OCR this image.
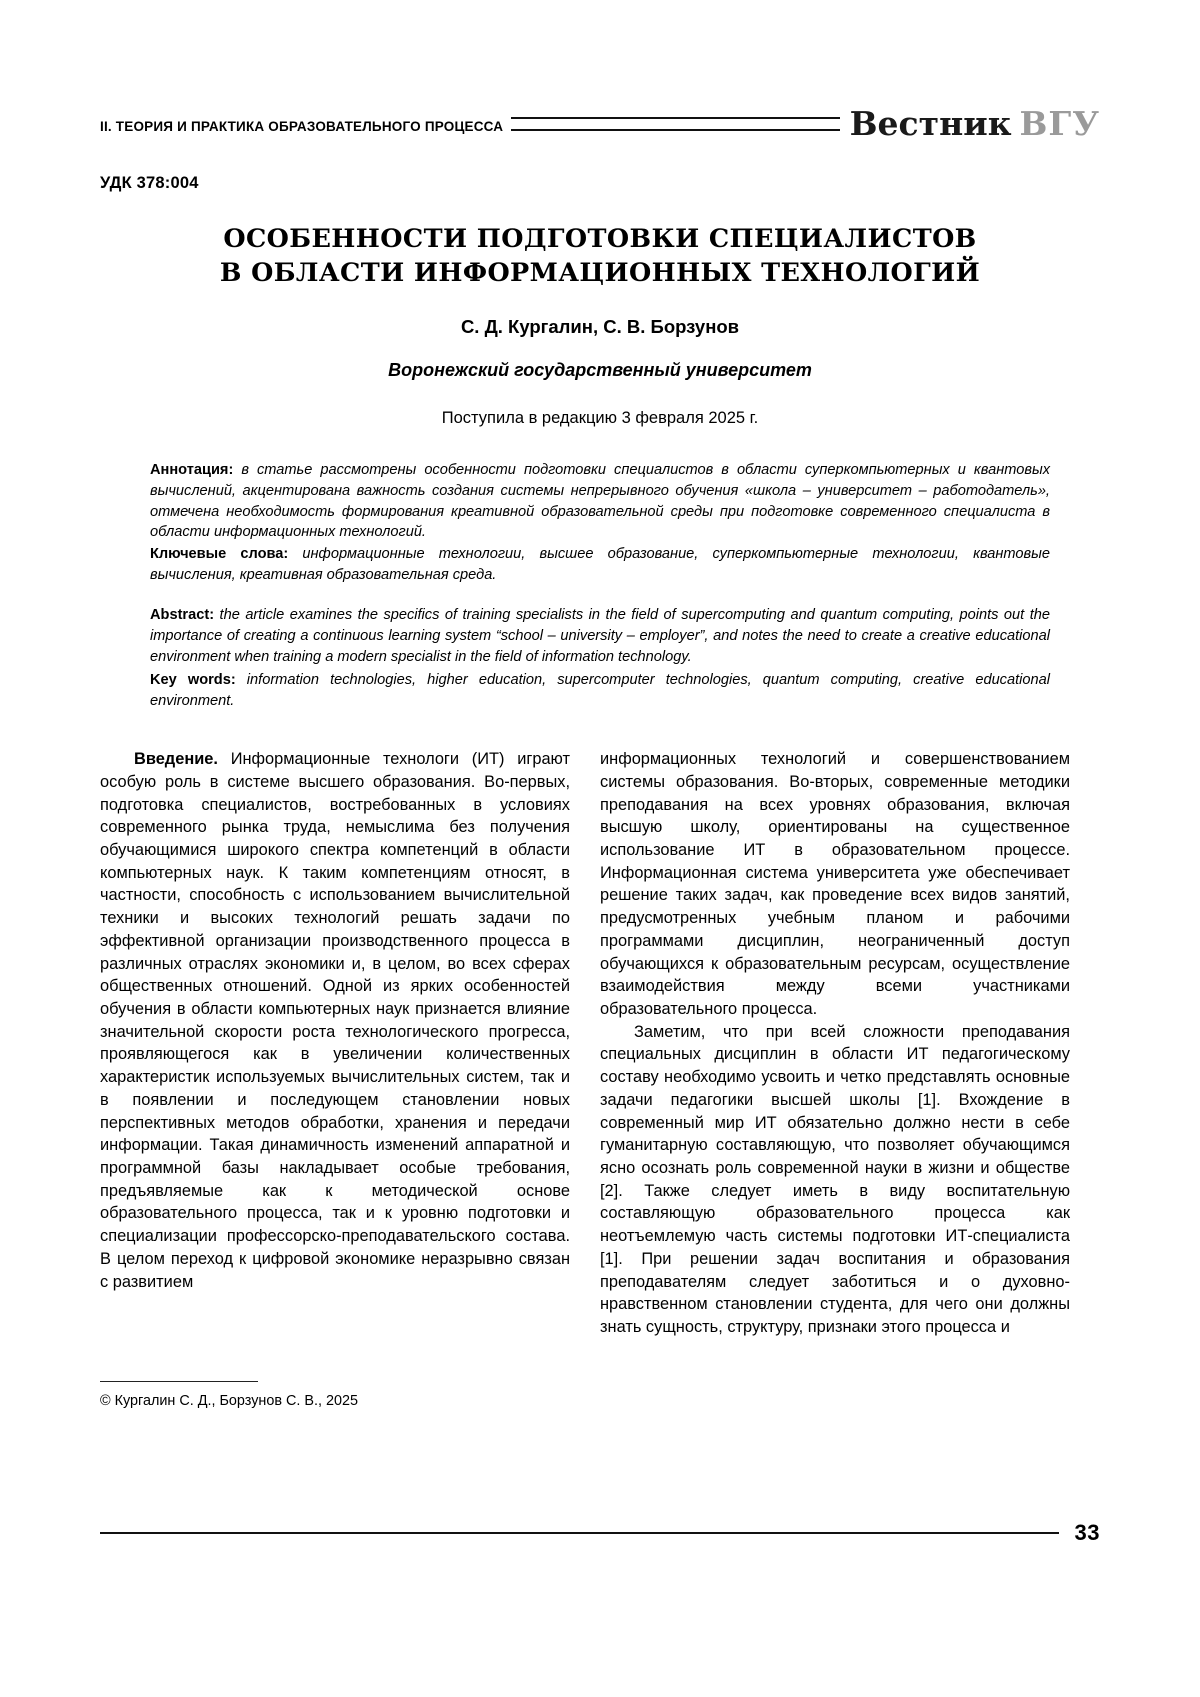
II. ТЕОРИЯ И ПРАКТИКА ОБРАЗОВАТЕЛЬНОГО ПРОЦЕССА	Вестник ВГУ
УДК 378:004
ОСОБЕННОСТИ ПОДГОТОВКИ СПЕЦИАЛИСТОВ
В ОБЛАСТИ ИНФОРМАЦИОННЫХ ТЕХНОЛОГИЙ
С. Д. Кургалин, С. В. Борзунов
Воронежский государственный университет
Поступила в редакцию 3 февраля 2025 г.

Аннотация: в статье рассмотрены особенности подготовки специалистов в области суперкомпьютерных и квантовых вычислений, акцентирована важность создания системы непрерывного обучения «школа – университет – работодатель», отмечена необходимость формирования креативной образовательной среды при подготовке современного специалиста в области информационных технологий.

Ключевые слова: информационные технологии, высшее образование, суперкомпьютерные технологии, квантовые вычисления, креативная образовательная среда.

Abstract: the article examines the specifics of training specialists in the field of supercomputing and quantum computing, points out the importance of creating a continuous learning system “school – university – employer”, and notes the need to create a creative educational environment when training a modern specialist in the field of information technology.

Key words: information technologies, higher education, supercomputer technologies, quantum computing, creative educational environment.

Введение. Информационные технологи (ИТ) играют особую роль в системе высшего образования. Во-первых, подготовка специалистов, востребованных в условиях современного рынка труда, немыслима без получения обучающимися широкого спектра компетенций в области компьютерных наук. К таким компетенциям относят, в частности, способность с использованием вычислительной техники и высоких технологий решать задачи по эффективной организации производственного процесса в различных отраслях экономики и, в целом, во всех сферах общественных отношений. Одной из ярких особенностей обучения в области компьютерных наук признается влияние значительной скорости роста технологического прогресса, проявляющегося как в увеличении количественных характеристик используемых вычислительных систем, так и в появлении и последующем становлении новых перспективных методов обработки, хранения и передачи информации. Такая динамичность изменений аппаратной и программной базы накладывает особые требования, предъявляемые как к методической основе образовательного процесса, так и к уровню подготовки и специализации профессорско-преподавательского состава. В целом переход к цифровой экономике неразрывно связан с развитием

информационных технологий и совершенствованием системы образования. Во-вторых, современные методики преподавания на всех уровнях образования, включая высшую школу, ориентированы на существенное использование ИТ в образовательном процессе. Информационная система университета уже обеспечивает решение таких задач, как проведение всех видов занятий, предусмотренных учебным планом и рабочими программами дисциплин, неограниченный доступ обучающихся к образовательным ресурсам, осуществление взаимодействия между всеми участниками образовательного процесса.

Заметим, что при всей сложности преподавания специальных дисциплин в области ИТ педагогическому составу необходимо усвоить и четко представлять основные задачи педагогики высшей школы [1]. Вхождение в современный мир ИТ обязательно должно нести в себе гуманитарную составляющую, что позволяет обучающимся ясно осознать роль современной науки в жизни и обществе [2]. Также следует иметь в виду воспитательную составляющую образовательного процесса как неотъемлемую часть системы подготовки ИТ-специалиста [1]. При решении задач воспитания и образования преподавателям следует заботиться и о духовно-нравственном становлении студента, для чего они должны знать сущность, структуру, признаки этого процесса и

© Кургалин С. Д., Борзунов С. В., 2025
33
